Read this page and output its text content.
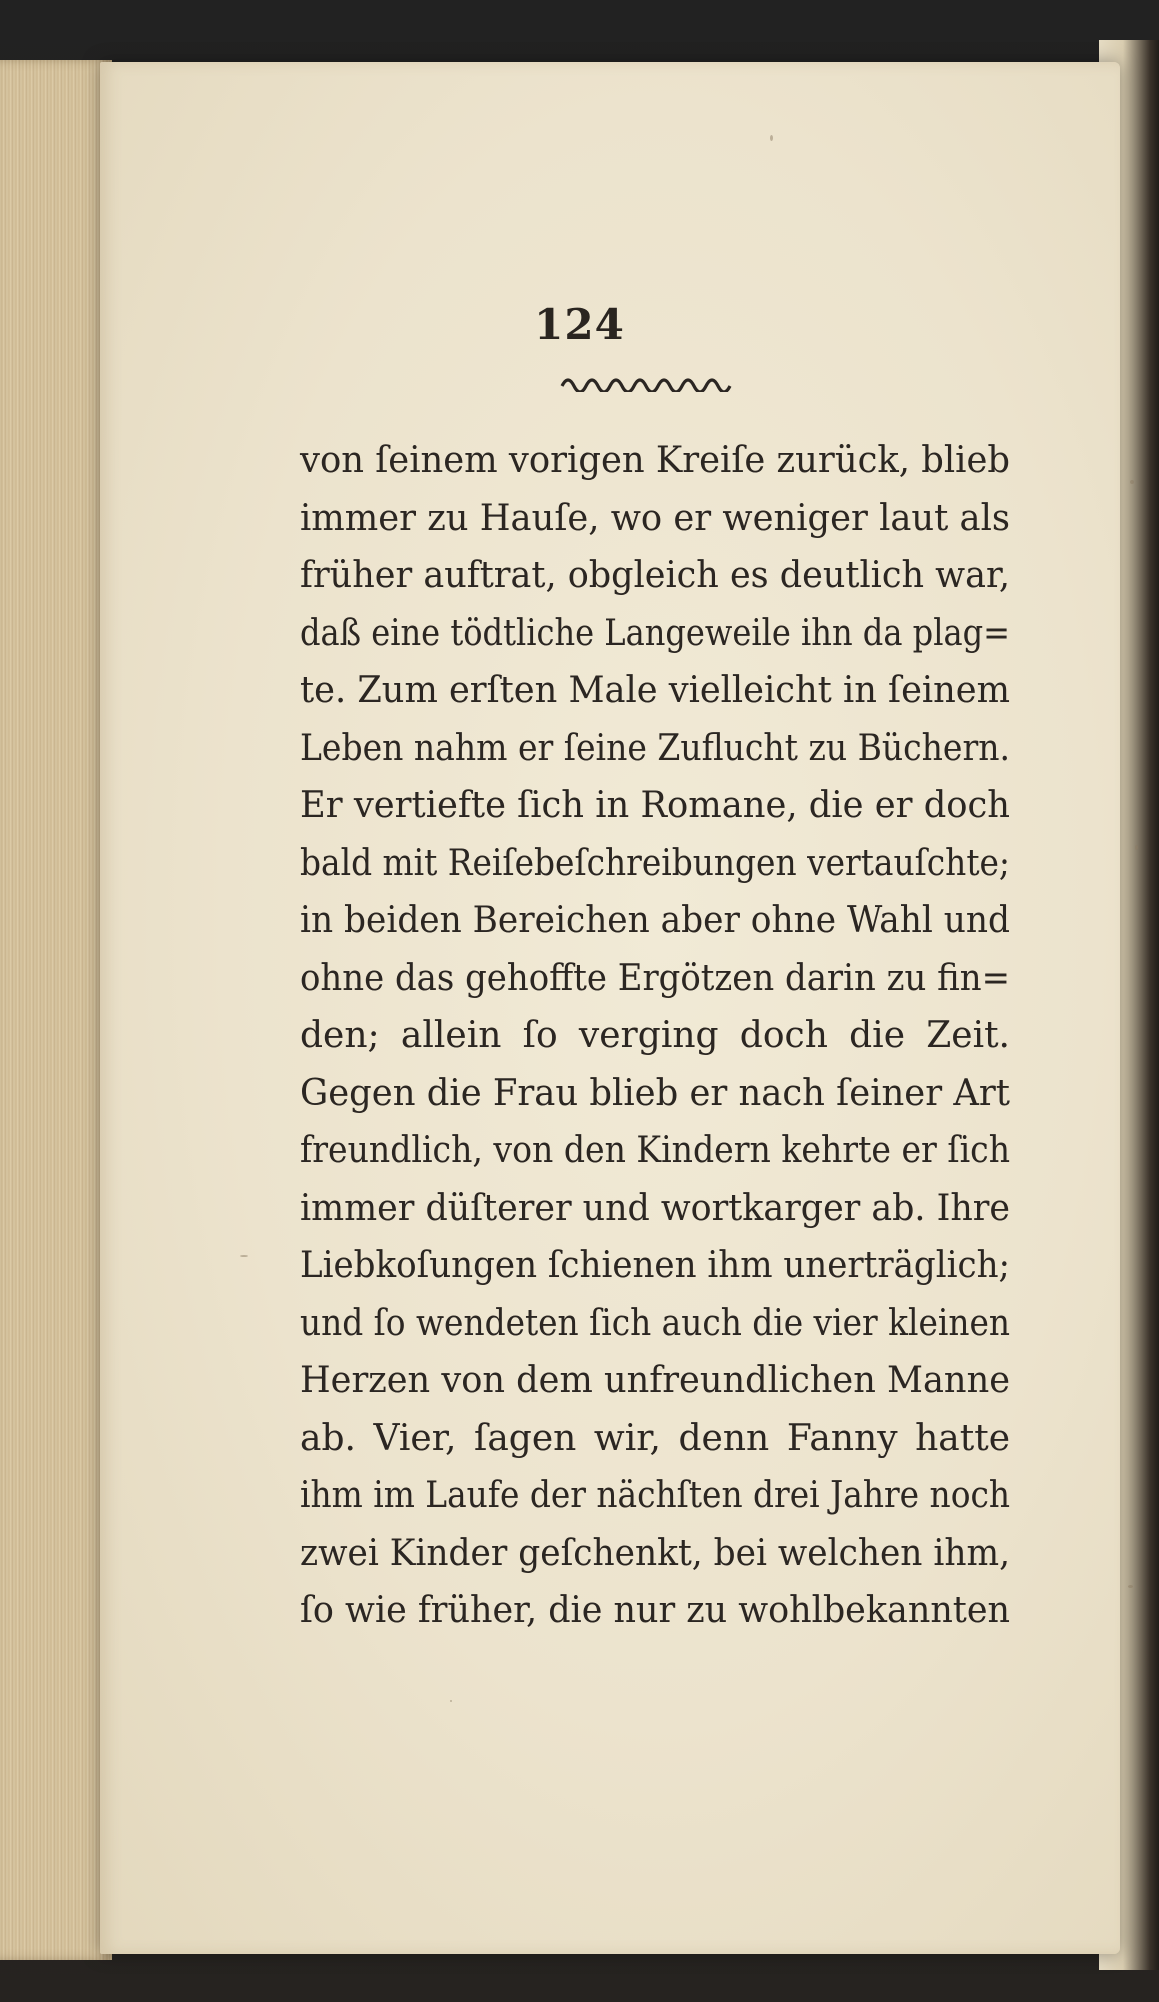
124
von ſeinem vorigen Kreiſe zurück, blieb
immer zu Hauſe, wo er weniger laut als
früher auftrat, obgleich es deutlich war,
daß eine tödtliche Langeweile ihn da plag=
te. Zum erſten Male vielleicht in ſeinem
Leben nahm er ſeine Zuflucht zu Büchern.
Er vertiefte ſich in Romane, die er doch
bald mit Reiſebeſchreibungen vertauſchte;
in beiden Bereichen aber ohne Wahl und
ohne das gehoffte Ergötzen darin zu fin=
den; allein ſo verging doch die Zeit.
Gegen die Frau blieb er nach ſeiner Art
freundlich, von den Kindern kehrte er ſich
immer düſterer und wortkarger ab. Ihre
Liebkoſungen ſchienen ihm unerträglich;
und ſo wendeten ſich auch die vier kleinen
Herzen von dem unfreundlichen Manne
ab. Vier, ſagen wir, denn Fanny hatte
ihm im Laufe der nächſten drei Jahre noch
zwei Kinder geſchenkt, bei welchen ihm,
ſo wie früher, die nur zu wohlbekannten
